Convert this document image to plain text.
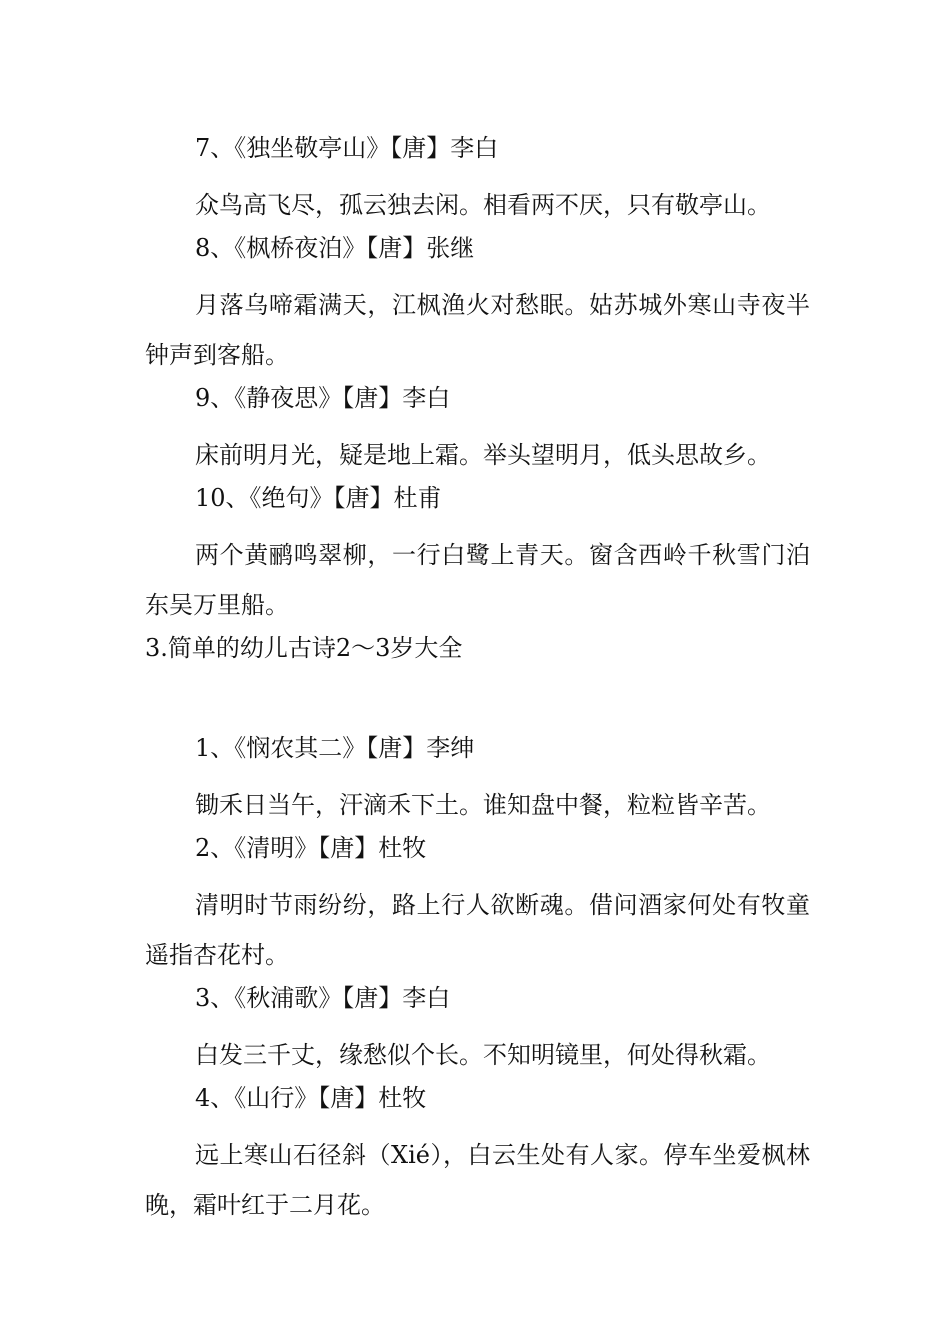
7、《独坐敬亭山》【唐】李白

众鸟高飞尽，孤云独去闲。相看两不厌，只有敬亭山。

8、《枫桥夜泊》【唐】张继

月落乌啼霜满天，江枫渔火对愁眠。姑苏城外寒山寺夜半钟声到客船。

9、《静夜思》【唐】李白

床前明月光，疑是地上霜。举头望明月，低头思故乡。

10、《绝句》【唐】杜甫

两个黄鹂鸣翠柳，一行白鹭上青天。窗含西岭千秋雪门泊东吴万里船。

3.简单的幼儿古诗2～3岁大全

1、《悯农其二》【唐】李绅

锄禾日当午，汗滴禾下土。谁知盘中餐，粒粒皆辛苦。

2、《清明》【唐】杜牧

清明时节雨纷纷，路上行人欲断魂。借问酒家何处有牧童遥指杏花村。

3、《秋浦歌》【唐】李白

白发三千丈，缘愁似个长。不知明镜里，何处得秋霜。

4、《山行》【唐】杜牧

远上寒山石径斜（Xié），白云生处有人家。停车坐爱枫林晚，霜叶红于二月花。
